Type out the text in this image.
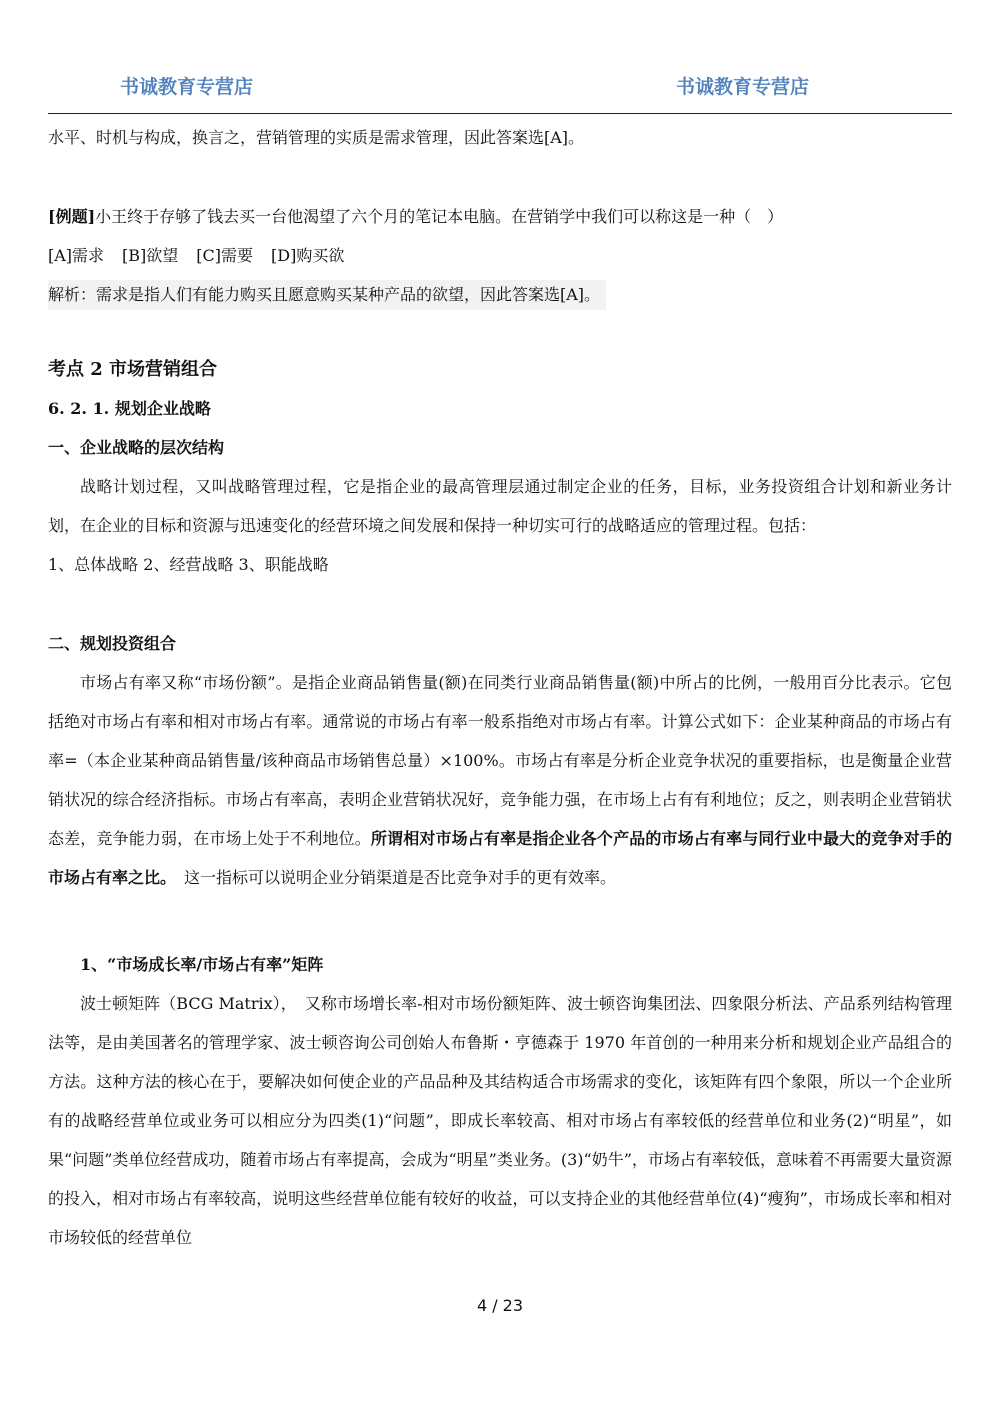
书诚教育专营店	书诚教育专营店

水平、时机与构成，换言之，营销管理的实质是需求管理，因此答案选[A]。

[例题]小王终于存够了钱去买一台他渴望了六个月的笔记本电脑。在营销学中我们可以称这是一种（　）

[A]需求 [B]欲望 [C]需要 [D]购买欲

解析：需求是指人们有能力购买且愿意购买某种产品的欲望，因此答案选[A]。

考点 2 市场营销组合

6. 2. 1. 规划企业战略

一、企业战略的层次结构

战略计划过程，又叫战略管理过程，它是指企业的最高管理层通过制定企业的任务，目标，业务投资组合计划和新业务计划，在企业的目标和资源与迅速变化的经营环境之间发展和保持一种切实可行的战略适应的管理过程。包括：

1、总体战略 2、经营战略 3、职能战略

二、规划投资组合

市场占有率又称“市场份额”。是指企业商品销售量(额)在同类行业商品销售量(额)中所占的比例，一般用百分比表示。它包括绝对市场占有率和相对市场占有率。通常说的市场占有率一般系指绝对市场占有率。计算公式如下：企业某种商品的市场占有率=（本企业某种商品销售量/该种商品市场销售总量）×100%。市场占有率是分析企业竞争状况的重要指标，也是衡量企业营销状况的综合经济指标。市场占有率高，表明企业营销状况好，竞争能力强，在市场上占有有利地位；反之，则表明企业营销状态差，竞争能力弱，在市场上处于不利地位。所谓相对市场占有率是指企业各个产品的市场占有率与同行业中最大的竞争对手的市场占有率之比。　这一指标可以说明企业分销渠道是否比竞争对手的更有效率。

1、“市场成长率/市场占有率”矩阵

波士顿矩阵（BCG Matrix），　又称市场增长率-相对市场份额矩阵、波士顿咨询集团法、四象限分析法、产品系列结构管理法等，是由美国著名的管理学家、波士顿咨询公司创始人布鲁斯・亨德森于 1970 年首创的一种用来分析和规划企业产品组合的方法。这种方法的核心在于，要解决如何使企业的产品品种及其结构适合市场需求的变化，该矩阵有四个象限，所以一个企业所有的战略经营单位或业务可以相应分为四类(1)“问题”，即成长率较高、相对市场占有率较低的经营单位和业务(2)“明星”，如果“问题”类单位经营成功，随着市场占有率提高，会成为“明星”类业务。(3)“奶牛”，市场占有率较低，意味着不再需要大量资源的投入，相对市场占有率较高，说明这些经营单位能有较好的收益，可以支持企业的其他经营单位(4)“瘦狗”，市场成长率和相对市场较低的经营单位

4 / 23
